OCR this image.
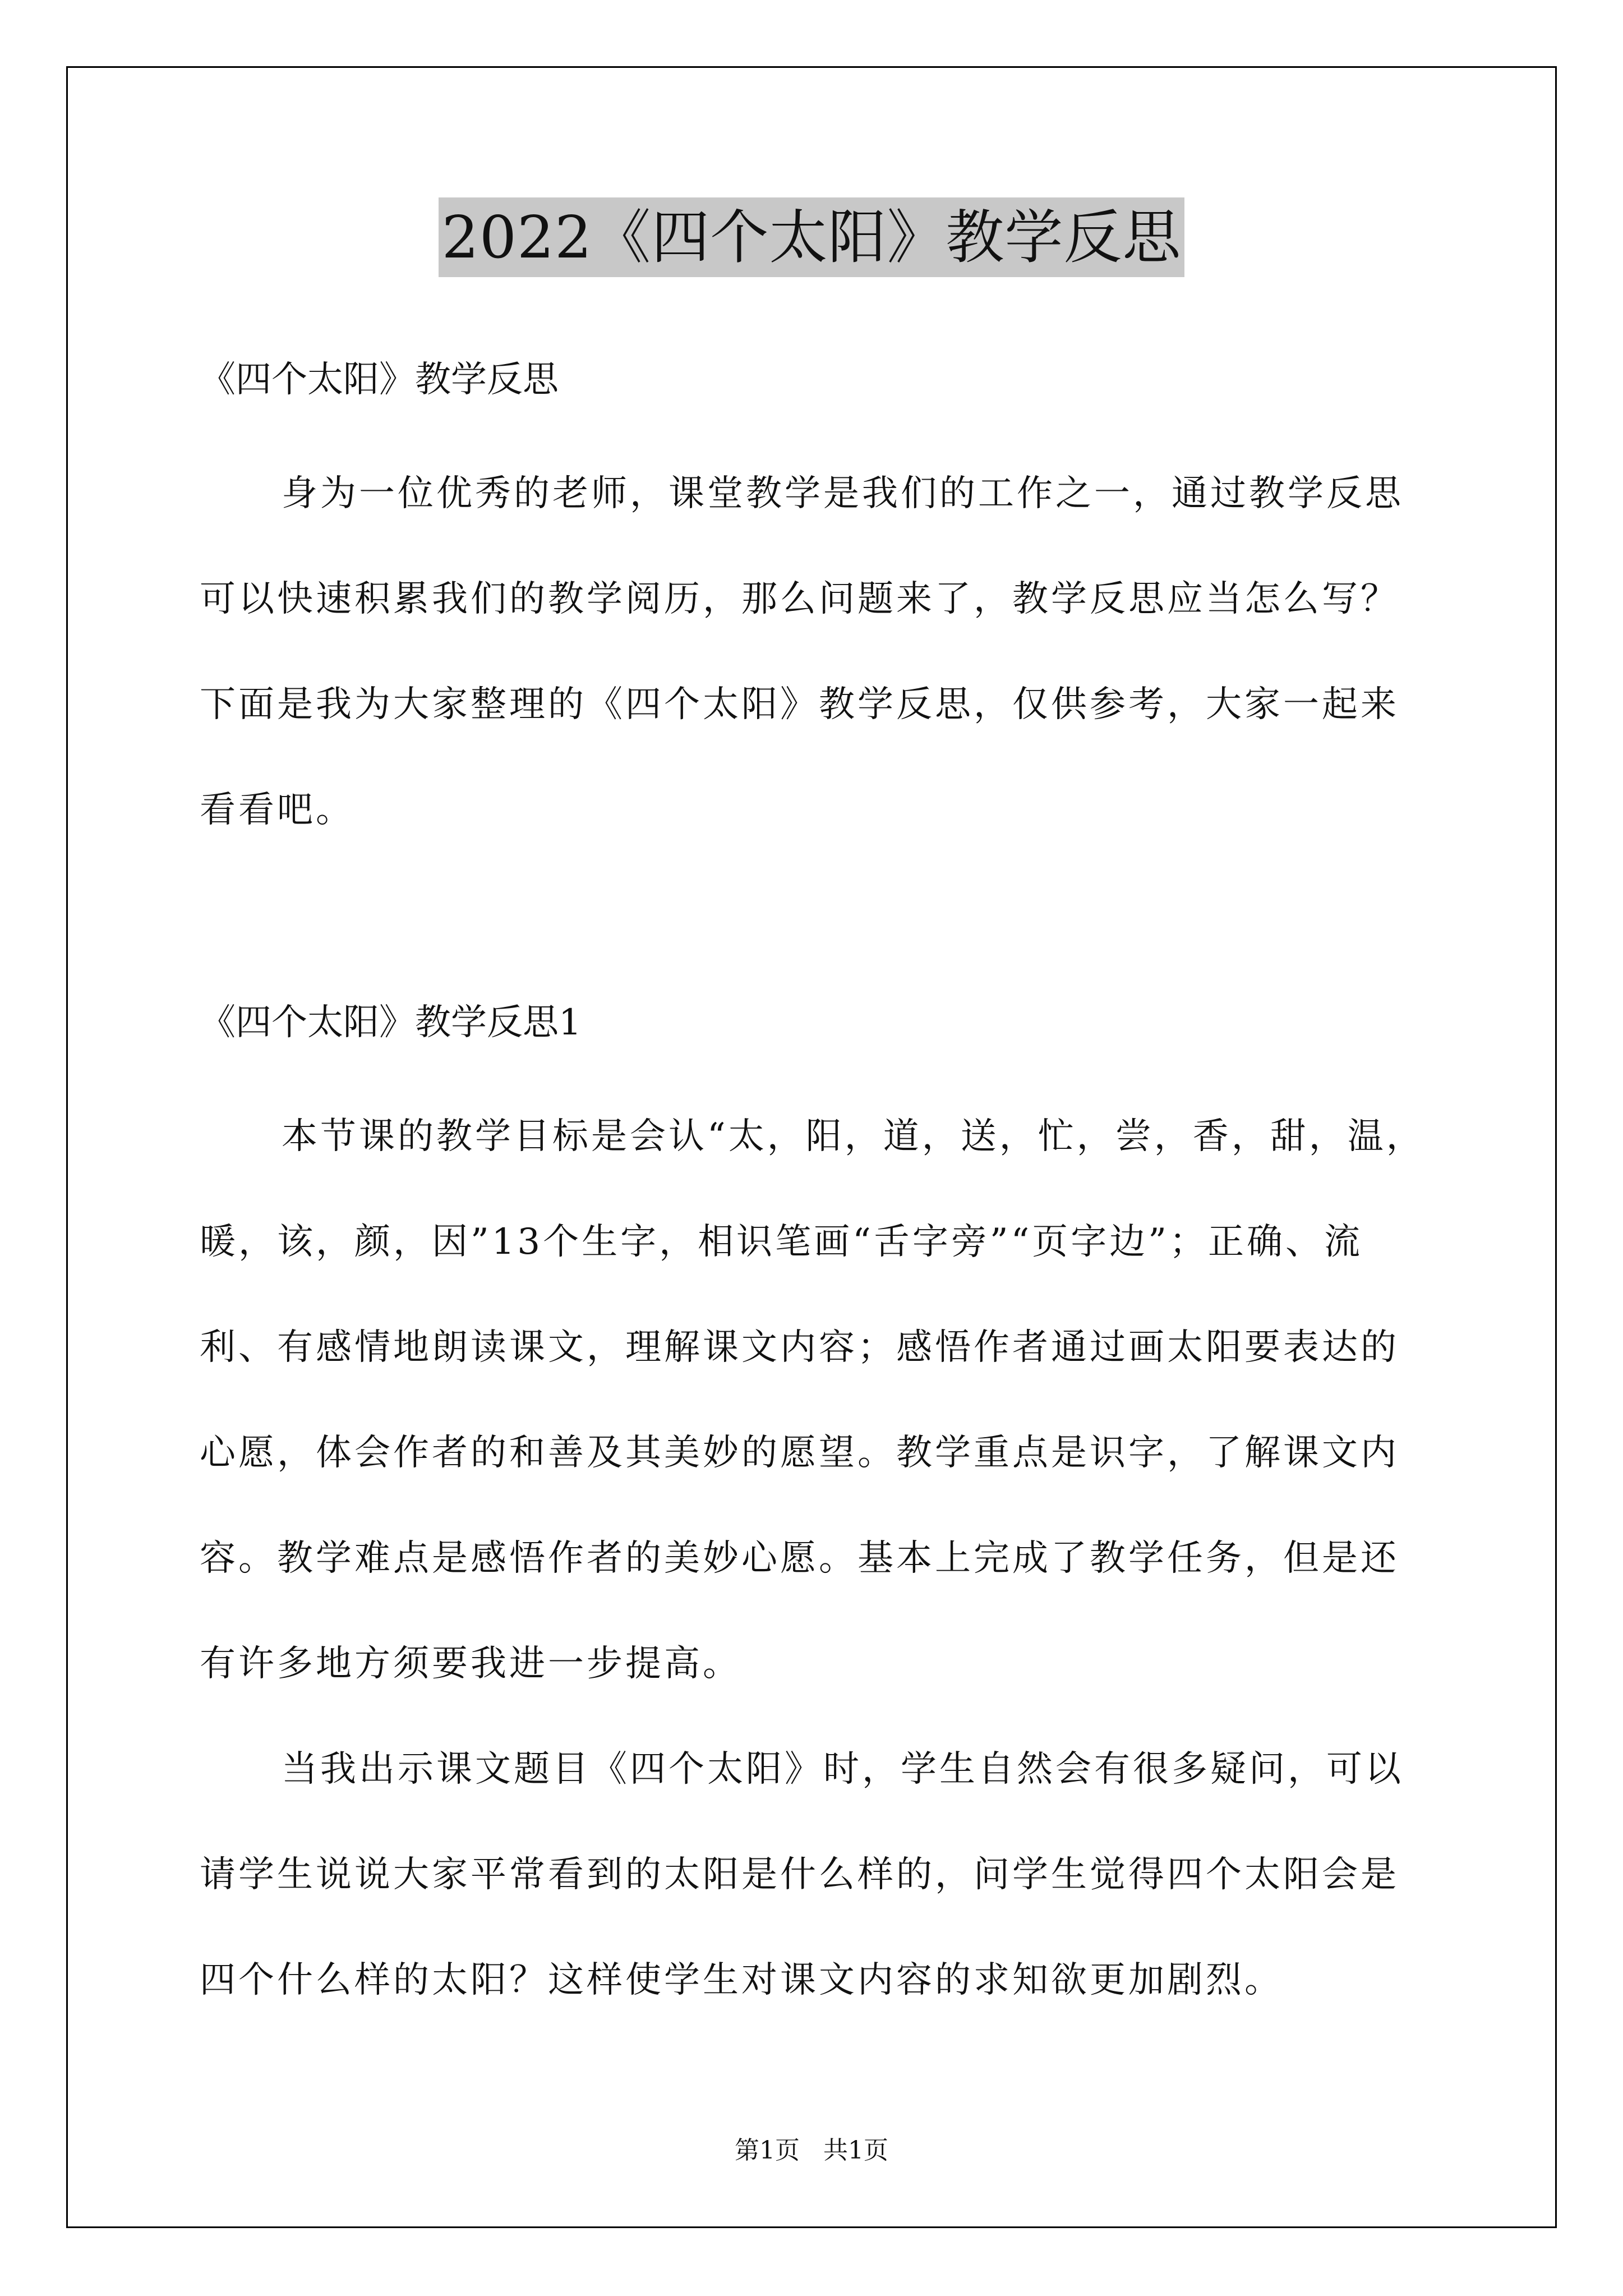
2022《四个太阳》教学反思
《四个太阳》教学反思

身为一位优秀的老师，课堂教学是我们的工作之一，通过教学反思可以快速积累我们的教学阅历，那么问题来了，教学反思应当怎么写？下面是我为大家整理的《四个太阳》教学反思，仅供参考，大家一起来看看吧。

《四个太阳》教学反思1

本节课的教学目标是会认“太，阳，道，送，忙，尝，香，甜，温，暖，该，颜，因”13个生字，相识笔画“舌字旁”“页字边”；正确、流利、有感情地朗读课文，理解课文内容；感悟作者通过画太阳要表达的心愿，体会作者的和善及其美妙的愿望。教学重点是识字，了解课文内容。教学难点是感悟作者的美妙心愿。基本上完成了教学任务，但是还有许多地方须要我进一步提高。

当我出示课文题目《四个太阳》时，学生自然会有很多疑问，可以请学生说说大家平常看到的太阳是什么样的，问学生觉得四个太阳会是四个什么样的太阳？这样使学生对课文内容的求知欲更加剧烈。

第1页 共1页
